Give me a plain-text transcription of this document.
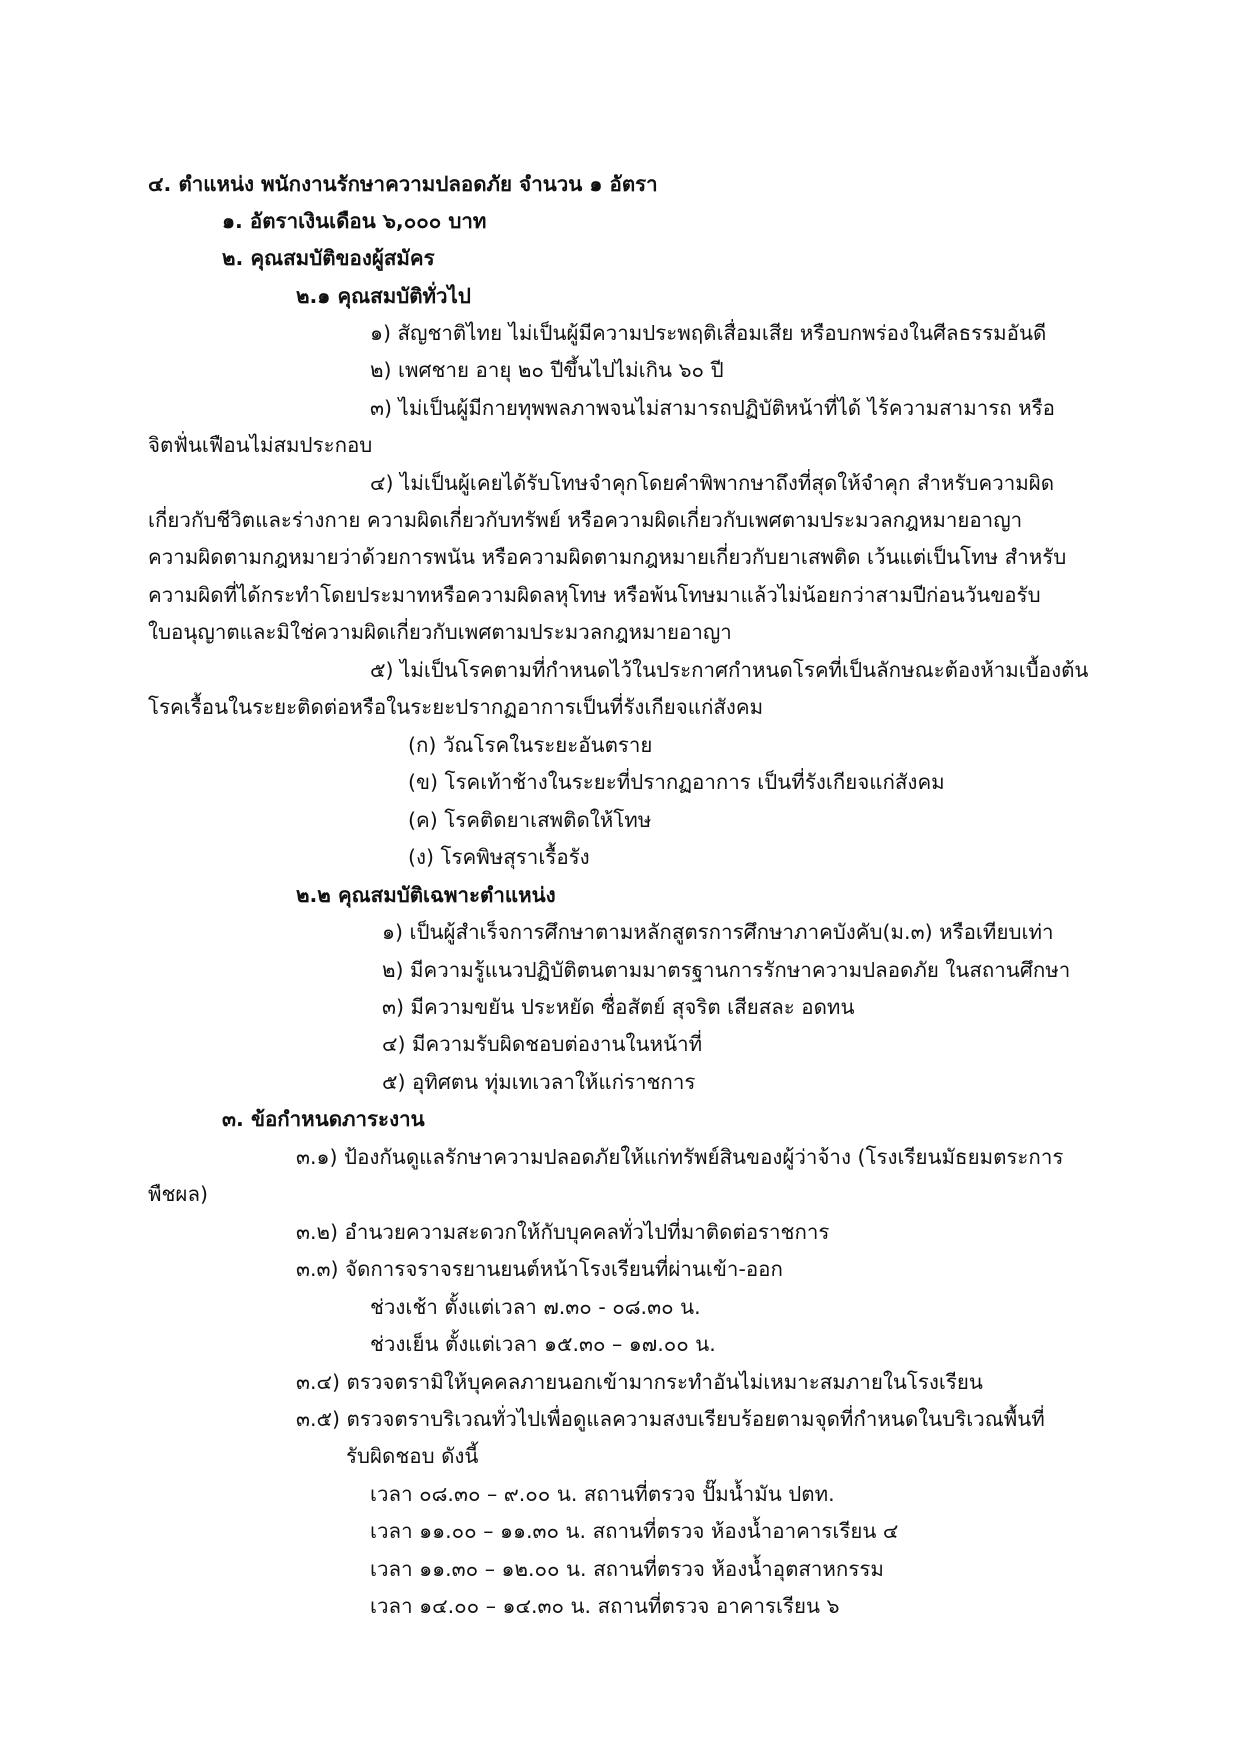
๔. ตำแหน่ง พนักงานรักษาความปลอดภัย จำนวน ๑ อัตรา
๑. อัตราเงินเดือน ๖,๐๐๐ บาท
๒. คุณสมบัติของผู้สมัคร
๒.๑ คุณสมบัติทั่วไป
๑) สัญชาติไทย ไม่เป็นผู้มีความประพฤติเสื่อมเสีย หรือบกพร่องในศีลธรรมอันดี
๒) เพศชาย อายุ ๒๐ ปีขึ้นไปไม่เกิน ๖๐ ปี
๓) ไม่เป็นผู้มีกายทุพพลภาพจนไม่สามารถปฏิบัติหน้าที่ได้ ไร้ความสามารถ หรือ
จิตฟั่นเฟือนไม่สมประกอบ
๔) ไม่เป็นผู้เคยได้รับโทษจำคุกโดยคำพิพากษาถึงที่สุดให้จำคุก สำหรับความผิด
เกี่ยวกับชีวิตและร่างกาย ความผิดเกี่ยวกับทรัพย์ หรือความผิดเกี่ยวกับเพศตามประมวลกฎหมายอาญา
ความผิดตามกฎหมายว่าด้วยการพนัน หรือความผิดตามกฎหมายเกี่ยวกับยาเสพติด เว้นแต่เป็นโทษ สำหรับ
ความผิดที่ได้กระทำโดยประมาทหรือความผิดลหุโทษ หรือพ้นโทษมาแล้วไม่น้อยกว่าสามปีก่อนวันขอรับ
ใบอนุญาตและมิใช่ความผิดเกี่ยวกับเพศตามประมวลกฎหมายอาญา
๕) ไม่เป็นโรคตามที่กำหนดไว้ในประกาศกำหนดโรคที่เป็นลักษณะต้องห้ามเบื้องต้น
โรคเรื้อนในระยะติดต่อหรือในระยะปรากฏอาการเป็นที่รังเกียจแก่สังคม
(ก) วัณโรคในระยะอันตราย
(ข) โรคเท้าช้างในระยะที่ปรากฏอาการ เป็นที่รังเกียจแก่สังคม
(ค) โรคติดยาเสพติดให้โทษ
(ง) โรคพิษสุราเรื้อรัง
๒.๒ คุณสมบัติเฉพาะตำแหน่ง
๑) เป็นผู้สำเร็จการศึกษาตามหลักสูตรการศึกษาภาคบังคับ(ม.๓) หรือเทียบเท่า
๒) มีความรู้แนวปฏิบัติตนตามมาตรฐานการรักษาความปลอดภัย ในสถานศึกษา
๓) มีความขยัน ประหยัด ซื่อสัตย์ สุจริต เสียสละ อดทน
๔) มีความรับผิดชอบต่องานในหน้าที่
๕) อุทิศตน ทุ่มเทเวลาให้แก่ราชการ
๓. ข้อกำหนดภาระงาน
๓.๑) ป้องกันดูแลรักษาความปลอดภัยให้แก่ทรัพย์สินของผู้ว่าจ้าง (โรงเรียนมัธยมตระการ
พืชผล)
๓.๒) อำนวยความสะดวกให้กับบุคคลทั่วไปที่มาติดต่อราชการ
๓.๓) จัดการจราจรยานยนต์หน้าโรงเรียนที่ผ่านเข้า-ออก
ช่วงเช้า ตั้งแต่เวลา ๗.๓๐ - ๐๘.๓๐ น.
ช่วงเย็น ตั้งแต่เวลา ๑๕.๓๐ – ๑๗.๐๐ น.
๓.๔) ตรวจตรามิให้บุคคลภายนอกเข้ามากระทำอันไม่เหมาะสมภายในโรงเรียน
๓.๕) ตรวจตราบริเวณทั่วไปเพื่อดูแลความสงบเรียบร้อยตามจุดที่กำหนดในบริเวณพื้นที่
รับผิดชอบ ดังนี้
เวลา ๐๘.๓๐ – ๙.๐๐ น. สถานที่ตรวจ ปั๊มน้ำมัน ปตท.
เวลา ๑๑.๐๐ – ๑๑.๓๐ น. สถานที่ตรวจ ห้องน้ำอาคารเรียน ๔
เวลา ๑๑.๓๐ – ๑๒.๐๐ น. สถานที่ตรวจ ห้องน้ำอุตสาหกรรม
เวลา ๑๔.๐๐ – ๑๔.๓๐ น. สถานที่ตรวจ อาคารเรียน ๖
